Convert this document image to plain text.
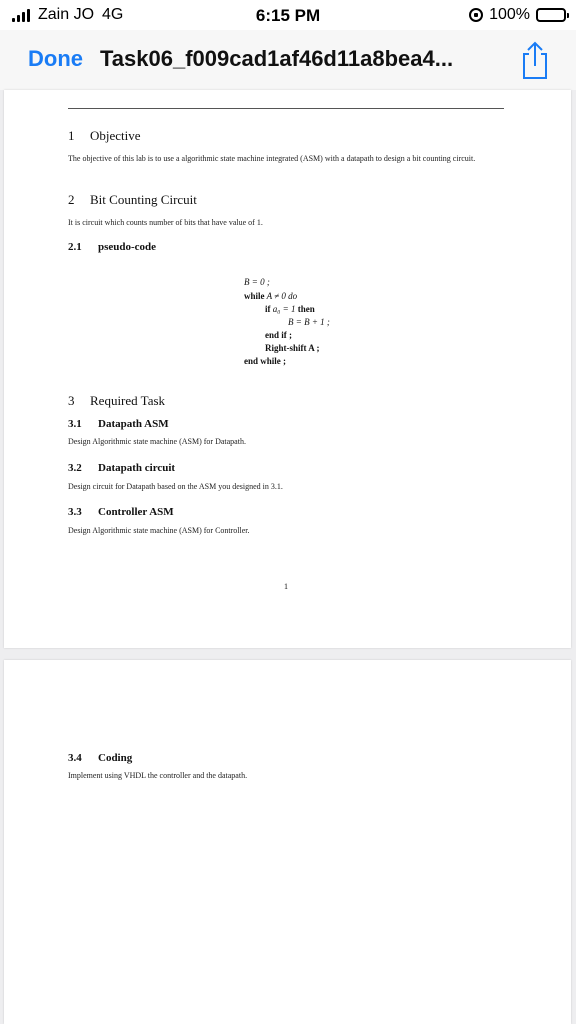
Zain JO 4G	6:15 PM	100% ϟ
Done Task06_f009cad1af46d11a8bea4...
1 Objective
The objective of this lab is to use a algorithmic state machine integrated (ASM) with a datapath to design a bit counting circuit.
2 Bit Counting Circuit
It is circuit which counts number of bits that have value of 1.
2.1 pseudo-code
B = 0 ;
while A ≠ 0 do
if a₀ = 1 then
B = B + 1 ;
end if ;
Right-shift A ;
end while ;
3 Required Task
3.1 Datapath ASM
Design Algorithmic state machine (ASM) for Datapath.
3.2 Datapath circuit
Design circuit for Datapath based on the ASM you designed in 3.1.
3.3 Controller ASM
Design Algorithmic state machine (ASM) for Controller.
1
3.4 Coding
Implement using VHDL the controller and the datapath.
